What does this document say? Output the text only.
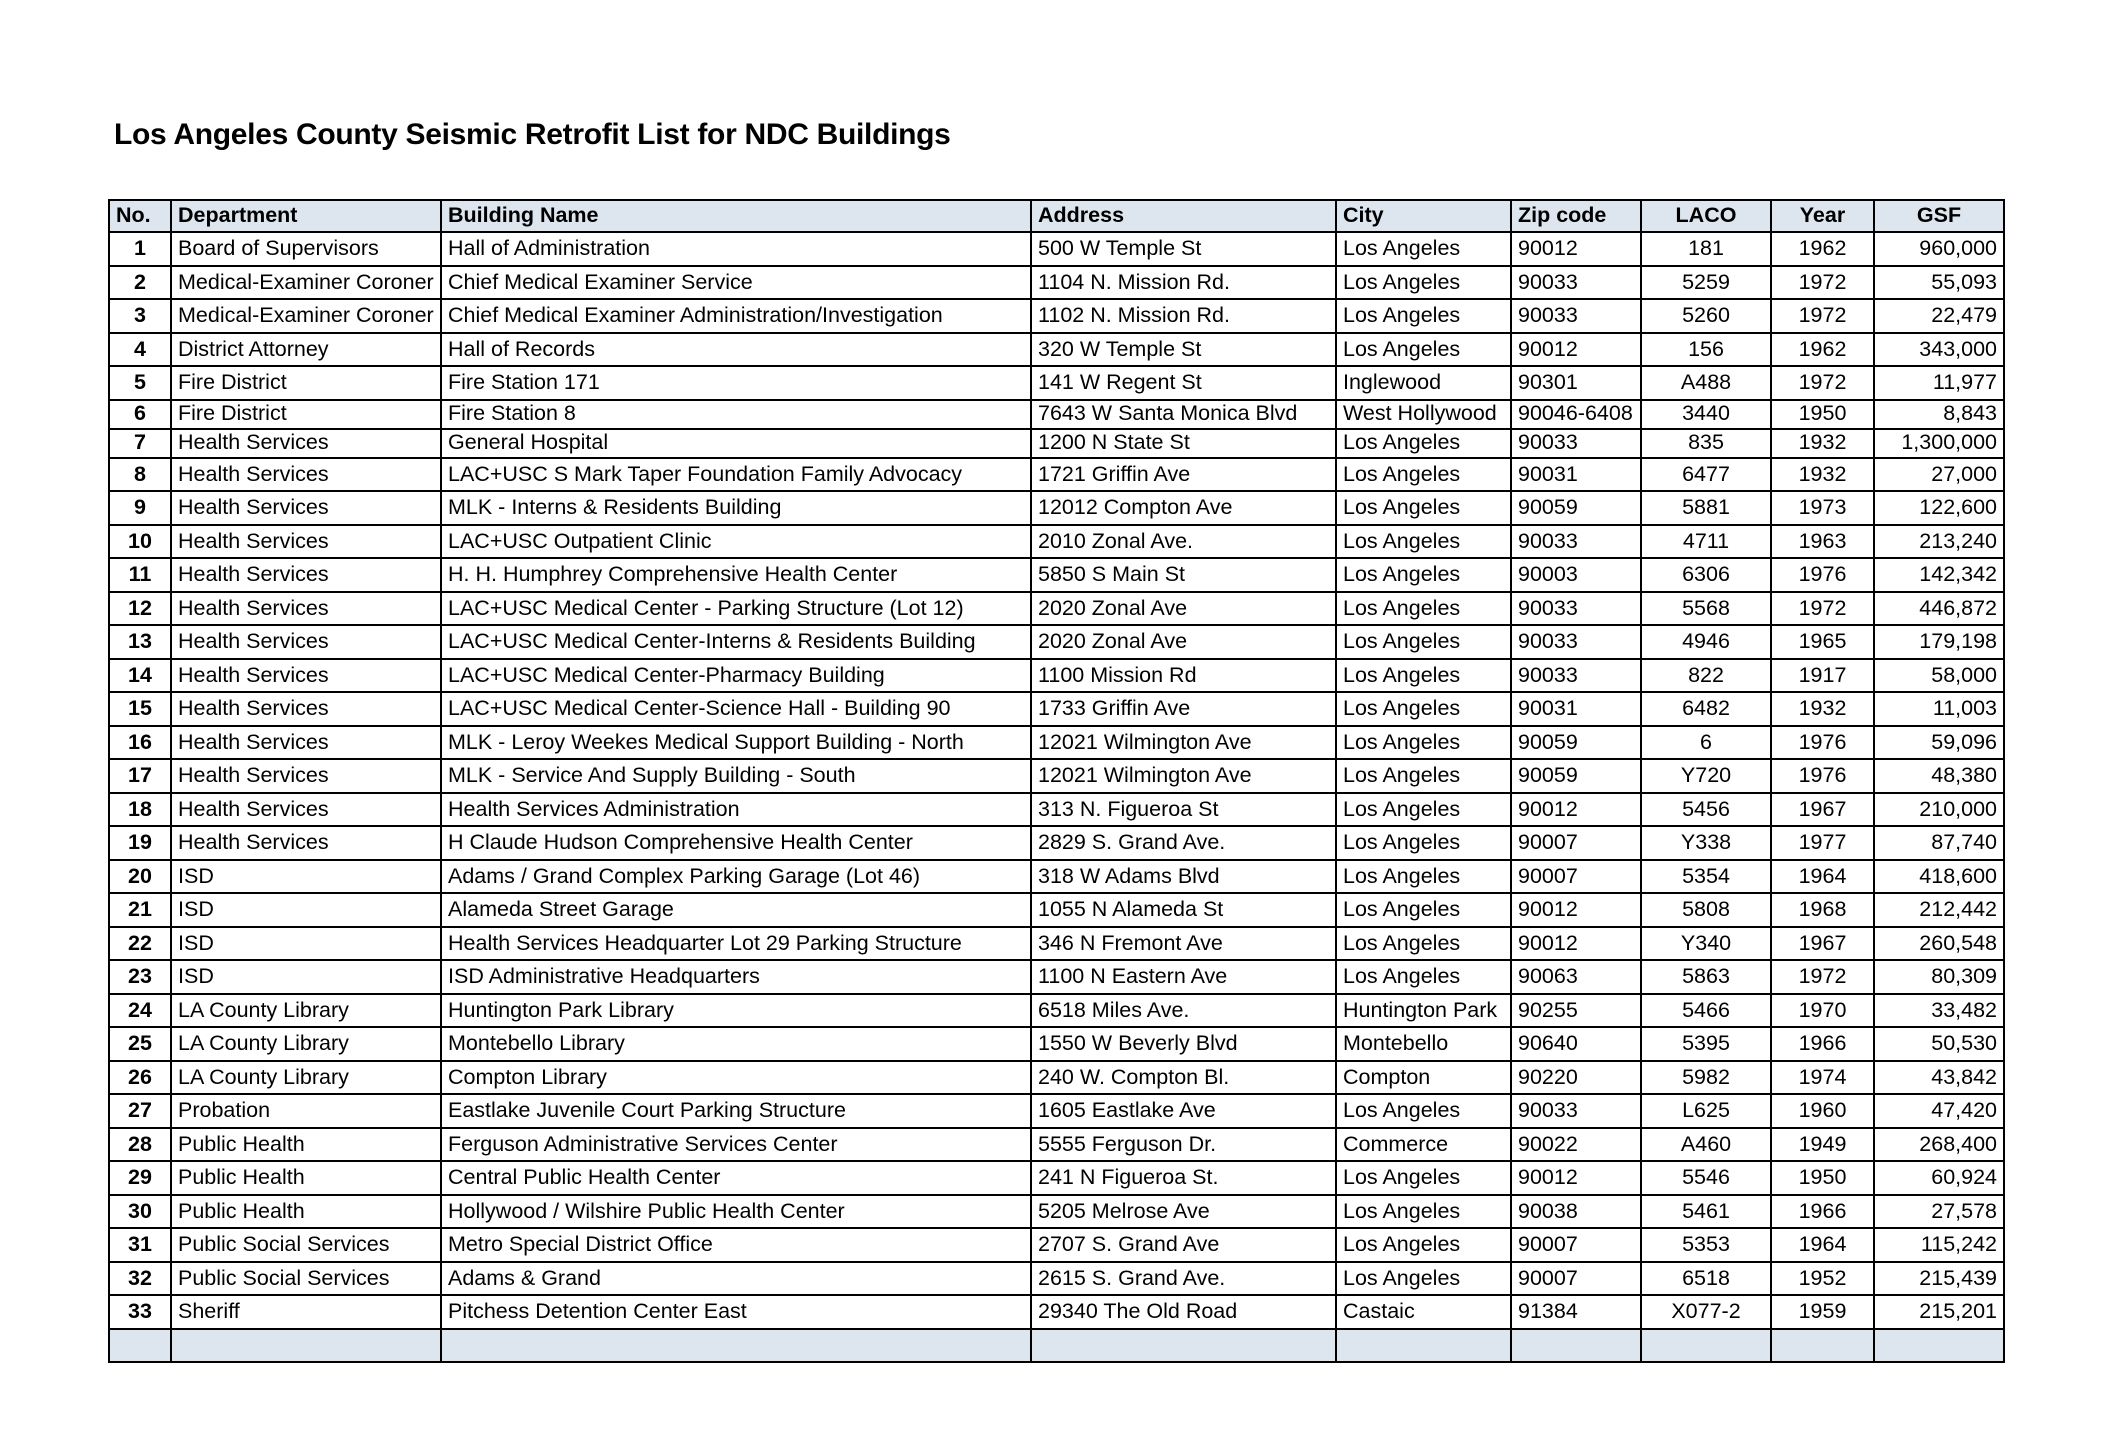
Los Angeles County Seismic Retrofit List for NDC Buildings
No.	Department	Building Name	Address	City	Zip code	LACO	Year	GSF
1	Board of Supervisors	Hall of Administration	500 W Temple St	Los Angeles	90012	181	1962	960,000
2	Medical-Examiner Coroner	Chief Medical Examiner Service	1104 N. Mission Rd.	Los Angeles	90033	5259	1972	55,093
3	Medical-Examiner Coroner	Chief Medical Examiner Administration/Investigation	1102 N. Mission Rd.	Los Angeles	90033	5260	1972	22,479
4	District Attorney	Hall of Records	320 W Temple St	Los Angeles	90012	156	1962	343,000
5	Fire District	Fire Station 171	141 W Regent St	Inglewood	90301	A488	1972	11,977
6	Fire District	Fire Station 8	7643 W Santa Monica Blvd	West Hollywood	90046-6408	3440	1950	8,843
7	Health Services	General Hospital	1200 N State St	Los Angeles	90033	835	1932	1,300,000
8	Health Services	LAC+USC S Mark Taper Foundation Family Advocacy	1721 Griffin Ave	Los Angeles	90031	6477	1932	27,000
9	Health Services	MLK - Interns & Residents Building	12012 Compton Ave	Los Angeles	90059	5881	1973	122,600
10	Health Services	LAC+USC Outpatient Clinic	2010 Zonal Ave.	Los Angeles	90033	4711	1963	213,240
11	Health Services	H. H. Humphrey Comprehensive Health Center	5850 S Main St	Los Angeles	90003	6306	1976	142,342
12	Health Services	LAC+USC Medical Center - Parking Structure (Lot 12)	2020 Zonal Ave	Los Angeles	90033	5568	1972	446,872
13	Health Services	LAC+USC Medical Center-Interns & Residents Building	2020 Zonal Ave	Los Angeles	90033	4946	1965	179,198
14	Health Services	LAC+USC Medical Center-Pharmacy Building	1100 Mission Rd	Los Angeles	90033	822	1917	58,000
15	Health Services	LAC+USC Medical Center-Science Hall - Building 90	1733 Griffin Ave	Los Angeles	90031	6482	1932	11,003
16	Health Services	MLK - Leroy Weekes Medical Support Building - North	12021 Wilmington Ave	Los Angeles	90059	6	1976	59,096
17	Health Services	MLK - Service And Supply Building - South	12021 Wilmington Ave	Los Angeles	90059	Y720	1976	48,380
18	Health Services	Health Services Administration	313 N. Figueroa St	Los Angeles	90012	5456	1967	210,000
19	Health Services	H Claude Hudson Comprehensive Health Center	2829 S. Grand Ave.	Los Angeles	90007	Y338	1977	87,740
20	ISD	Adams / Grand Complex Parking Garage (Lot 46)	318 W Adams Blvd	Los Angeles	90007	5354	1964	418,600
21	ISD	Alameda Street Garage	1055 N Alameda St	Los Angeles	90012	5808	1968	212,442
22	ISD	Health Services Headquarter Lot 29 Parking Structure	346 N Fremont Ave	Los Angeles	90012	Y340	1967	260,548
23	ISD	ISD Administrative Headquarters	1100 N Eastern Ave	Los Angeles	90063	5863	1972	80,309
24	LA County Library	Huntington Park Library	6518 Miles Ave.	Huntington Park	90255	5466	1970	33,482
25	LA County Library	Montebello Library	1550 W Beverly Blvd	Montebello	90640	5395	1966	50,530
26	LA County Library	Compton Library	240 W. Compton Bl.	Compton	90220	5982	1974	43,842
27	Probation	Eastlake Juvenile Court Parking Structure	1605 Eastlake Ave	Los Angeles	90033	L625	1960	47,420
28	Public Health	Ferguson Administrative Services Center	5555 Ferguson Dr.	Commerce	90022	A460	1949	268,400
29	Public Health	Central Public Health Center	241 N Figueroa St.	Los Angeles	90012	5546	1950	60,924
30	Public Health	Hollywood / Wilshire Public Health Center	5205 Melrose Ave	Los Angeles	90038	5461	1966	27,578
31	Public Social Services	Metro Special District Office	2707 S. Grand Ave	Los Angeles	90007	5353	1964	115,242
32	Public Social Services	Adams & Grand	2615 S. Grand Ave.	Los Angeles	90007	6518	1952	215,439
33	Sheriff	Pitchess Detention Center East	29340 The Old Road	Castaic	91384	X077-2	1959	215,201
